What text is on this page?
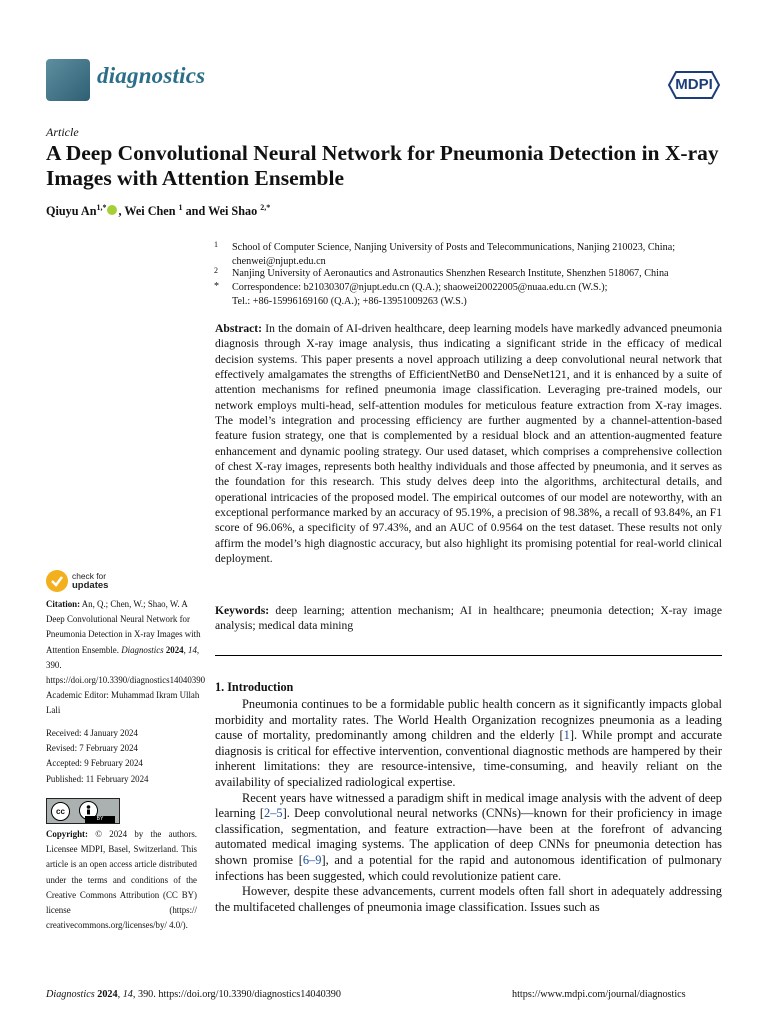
diagnostics	MDPI
Article
A Deep Convolutional Neural Network for Pneumonia Detection in X-ray Images with Attention Ensemble
Qiuyu $An^{1,*}$ , Wei Chen $^1$ and Wei Shao $^{2,*}$
1 School of Computer Science, Nanjing University of Posts and Telecommunications, Nanjing 210023, China;
chenwei@njupt.edu.cn
2 Nanjing University of Aeronautics and Astronautics Shenzhen Research Institute, Shenzhen 518067, China
* Correspondence: b21030307@njupt.edu.cn (Q.A.); shaowei20022005@nuaa.edu.cn (W.S.);
Tel.: +86-15996169160 (Q.A.); +86-13951009263 (W.S.)
Abstract: In the domain of AI-driven healthcare, deep learning models have markedly advanced pneumonia diagnosis through X-ray image analysis, thus indicating a significant stride in the efficacy of medical decision systems. This paper presents a novel approach utilizing a deep convolutional neural network that effectively amalgamates the strengths of EfficientNetB0 and DenseNet121, and it is enhanced by a suite of attention mechanisms for refined pneumonia image classification. Leveraging pre-trained models, our network employs multi-head, self-attention modules for meticulous feature extraction from X-ray images. The model’s integration and processing efficiency are further augmented by a channel-attention-based feature fusion strategy, one that is complemented by a residual block and an attention-augmented feature enhancement and dynamic pooling strategy. Our used dataset, which comprises a comprehensive collection of chest X-ray images, represents both healthy individuals and those affected by pneumonia, and it serves as the foundation for this research. This study delves deep into the algorithms, architectural details, and operational intricacies of the proposed model. The empirical outcomes of our model are noteworthy, with an exceptional performance marked by an accuracy of 95.19%, a precision of 98.38%, a recall of 93.84%, an F1 score of 96.06%, a specificity of 97.43%, and an AUC of 0.9564 on the test dataset. These results not only affirm the model’s high diagnostic accuracy, but also highlight its promising potential for real-world clinical deployment.
Keywords: deep learning; attention mechanism; AI in healthcare; pneumonia detection; X-ray image analysis; medical data mining
check for
updates
Citation: An, Q.; Chen, W.; Shao, W. A Deep Convolutional Neural Network for Pneumonia Detection in X-ray Images with Attention Ensemble. Diagnostics 2024, 14, 390. https://doi.org/10.3390/diagnostics14040390
Academic Editor: Muhammad Ikram Ullah Lali
Received: 4 January 2024
Revised: 7 February 2024
Accepted: 9 February 2024
Published: 11 February 2024
cc
BY
Copyright: © 2024 by the authors. Licensee MDPI, Basel, Switzerland. This article is an open access article distributed under the terms and conditions of the Creative Commons Attribution (CC BY) license (https:// creativecommons.org/licenses/by/ 4.0/).
1. Introduction

Pneumonia continues to be a formidable public health concern as it significantly impacts global morbidity and mortality rates. The World Health Organization recognizes pneumonia as a leading cause of mortality, predominantly among children and the elderly [1]. While prompt and accurate diagnosis is critical for effective intervention, conventional diagnostic methods are hampered by their inherent limitations: they are resource-intensive, time-consuming, and heavily reliant on the availability of specialized radiological expertise.

Recent years have witnessed a paradigm shift in medical image analysis with the advent of deep learning [2–5]. Deep convolutional neural networks (CNNs)—known for their proficiency in image classification, segmentation, and feature extraction—have been at the forefront of advancing automated medical imaging systems. The application of deep CNNs for pneumonia detection has shown promise [6–9], and a potential for the rapid and autonomous identification of pulmonary infections has been suggested, which could revolutionize patient care.

However, despite these advancements, current models often fall short in adequately addressing the multifaceted challenges of pneumonia image classification. Issues such as

Diagnostics 2024, 14, 390. https://doi.org/10.3390/diagnostics14040390	https://www.mdpi.com/journal/diagnostics
